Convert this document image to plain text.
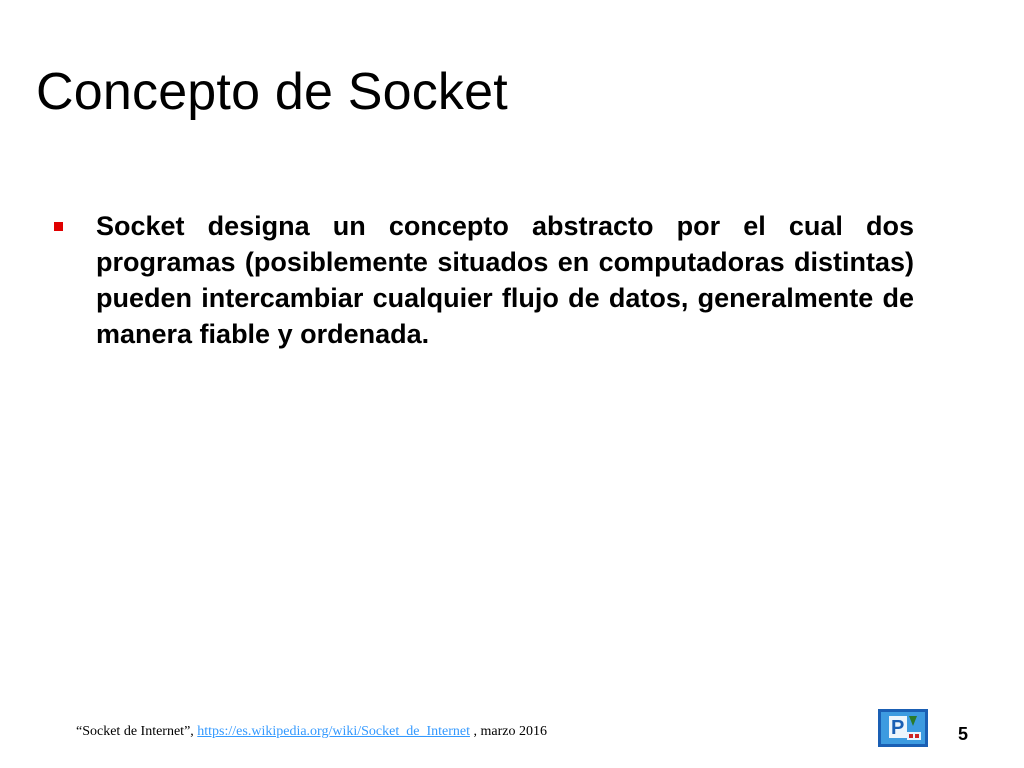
Concepto de Socket
Socket designa un concepto abstracto por el cual dos programas (posiblemente situados en computadoras distintas) pueden intercambiar cualquier flujo de datos, generalmente de manera fiable y ordenada.
“Socket de Internet”, https://es.wikipedia.org/wiki/Socket_de_Internet , marzo 2016	P	5
